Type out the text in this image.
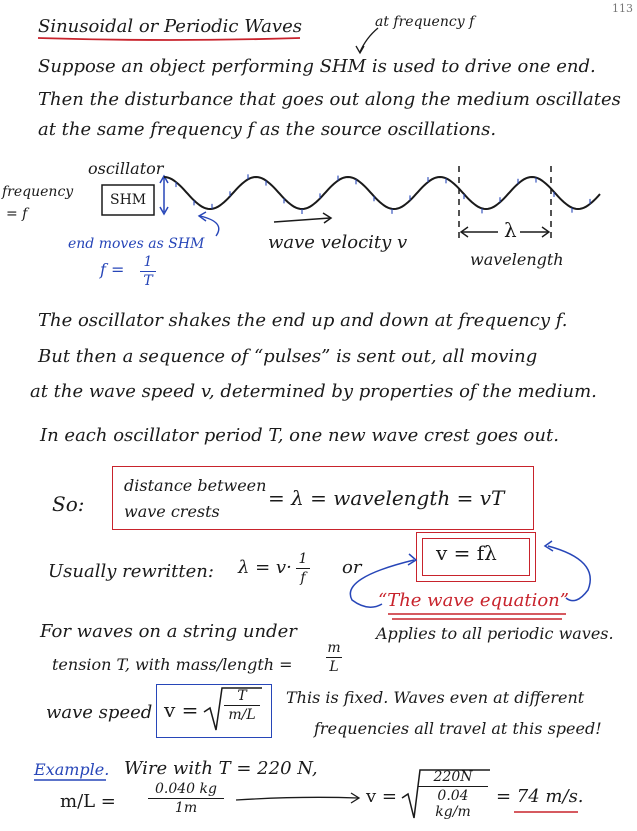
113
Sinusoidal or Periodic Waves	at frequency f
Suppose an object performing SHM is used to drive one end.
Then the disturbance that goes out along the medium oscillates
at the same frequency f as the source oscillations.
oscillator
frequency
= f
SHM
end moves as SHM
f = 1
T
wave velocity v
λ
wavelength
The oscillator shakes the end up and down at frequency f.
But then a sequence of “pulses” is sent out, all moving
at the wave speed v, determined by properties of the medium.
In each oscillator period T, one new wave crest goes out.
So:
distance between
wave crests
= λ = wavelength = vT
Usually rewritten: λ = v· 1
f or
v = fλ
“The wave equation”
Applies to all periodic waves.
For waves on a string under
tension T, with mass/length =
m
L
wave speed v =
T
m/L
This is fixed. Waves even at different
frequencies all travel at this speed!
Example. Wire with T = 220 N,
m/L =
0.040 kg
1m
v =
220N
0.04 kg/m
= 74 m/s.
